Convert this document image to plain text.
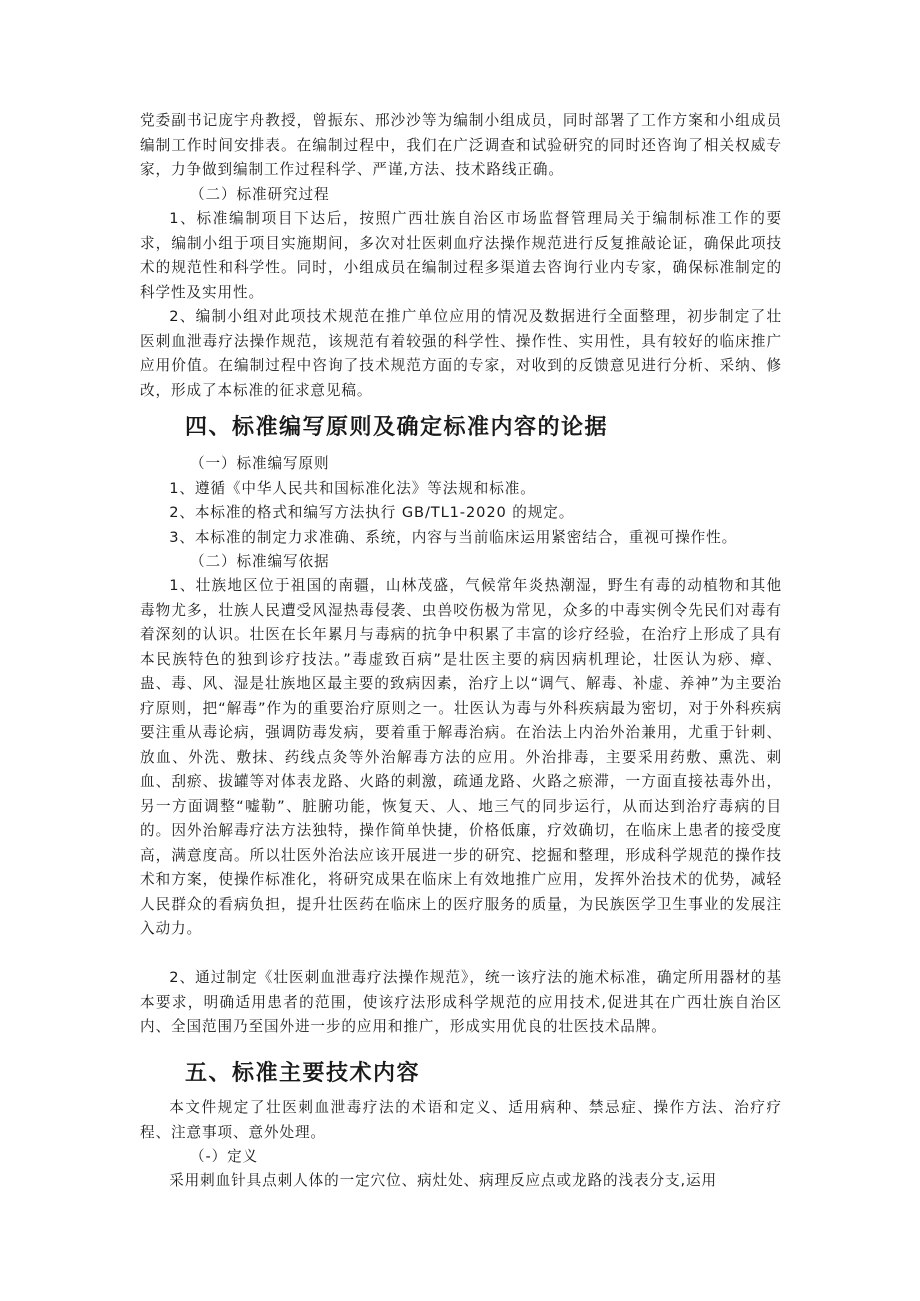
党委副书记庞宇舟教授，曾振东、邢沙沙等为编制小组成员，同时部署了工作方案和小组成员编制工作时间安排表。在编制过程中，我们在广泛调查和试验研究的同时还咨询了相关权威专家，力争做到编制工作过程科学、严谨,方法、技术路线正确。

（二）标准研究过程

1、标准编制项目下达后，按照广西壮族自治区市场监督管理局关于编制标准工作的要求，编制小组于项目实施期间，多次对壮医刺血疗法操作规范进行反复推敲论证，确保此项技术的规范性和科学性。同时，小组成员在编制过程多渠道去咨询行业内专家，确保标准制定的科学性及实用性。

2、编制小组对此项技术规范在推广单位应用的情况及数据进行全面整理，初步制定了壮医刺血泄毒疗法操作规范，该规范有着较强的科学性、操作性、实用性，具有较好的临床推广应用价值。在编制过程中咨询了技术规范方面的专家，对收到的反馈意见进行分析、采纳、修改，形成了本标准的征求意见稿。

四、标准编写原则及确定标准内容的论据

（一）标准编写原则

1、遵循《中华人民共和国标准化法》等法规和标准。

2、本标准的格式和编写方法执行 GB/TL1-2020 的规定。

3、本标准的制定力求准确、系统，内容与当前临床运用紧密结合，重视可操作性。

（二）标准编写依据

1、壮族地区位于祖国的南疆，山林茂盛，气候常年炎热潮湿，野生有毒的动植物和其他毒物尤多，壮族人民遭受风湿热毒侵袭、虫兽咬伤极为常见，众多的中毒实例令先民们对毒有着深刻的认识。壮医在长年累月与毒病的抗争中积累了丰富的诊疗经验，在治疗上形成了具有本民族特色的独到诊疗技法。”毒虚致百病”是壮医主要的病因病机理论，壮医认为痧、瘴、蛊、毒、风、湿是壮族地区最主要的致病因素，治疗上以“调气、解毒、补虚、养神”为主要治疗原则，把“解毒”作为的重要治疗原则之一。壮医认为毒与外科疾病最为密切，对于外科疾病要注重从毒论病，强调防毒发病，要着重于解毒治病。在治法上内治外治兼用，尤重于针刺、放血、外洗、敷抹、药线点灸等外治解毒方法的应用。外治排毒，主要采用药敷、熏洗、刺血、刮瘀、拔罐等对体表龙路、火路的刺激，疏通龙路、火路之瘀滞，一方面直接祛毒外出，另一方面调整“嘘勒”、脏腑功能，恢复天、人、地三气的同步运行，从而达到治疗毒病的目的。因外治解毒疗法方法独特，操作简单快捷，价格低廉，疗效确切，在临床上患者的接受度高，满意度高。所以壮医外治法应该开展进一步的研究、挖掘和整理，形成科学规范的操作技术和方案，使操作标准化，将研究成果在临床上有效地推广应用，发挥外治技术的优势，减轻人民群众的看病负担，提升壮医药在临床上的医疗服务的质量，为民族医学卫生事业的发展注入动力。

2、通过制定《壮医刺血泄毒疗法操作规范》，统一该疗法的施术标准，确定所用器材的基本要求，明确适用患者的范围，使该疗法形成科学规范的应用技术,促进其在广西壮族自治区内、全国范围乃至国外进一步的应用和推广，形成实用优良的壮医技术品牌。

五、标准主要技术内容

本文件规定了壮医刺血泄毒疗法的术语和定义、适用病种、禁忌症、操作方法、治疗疗程、注意事项、意外处理。

（-）定义

采用刺血针具点刺人体的一定穴位、病灶处、病理反应点或龙路的浅表分支,运用
